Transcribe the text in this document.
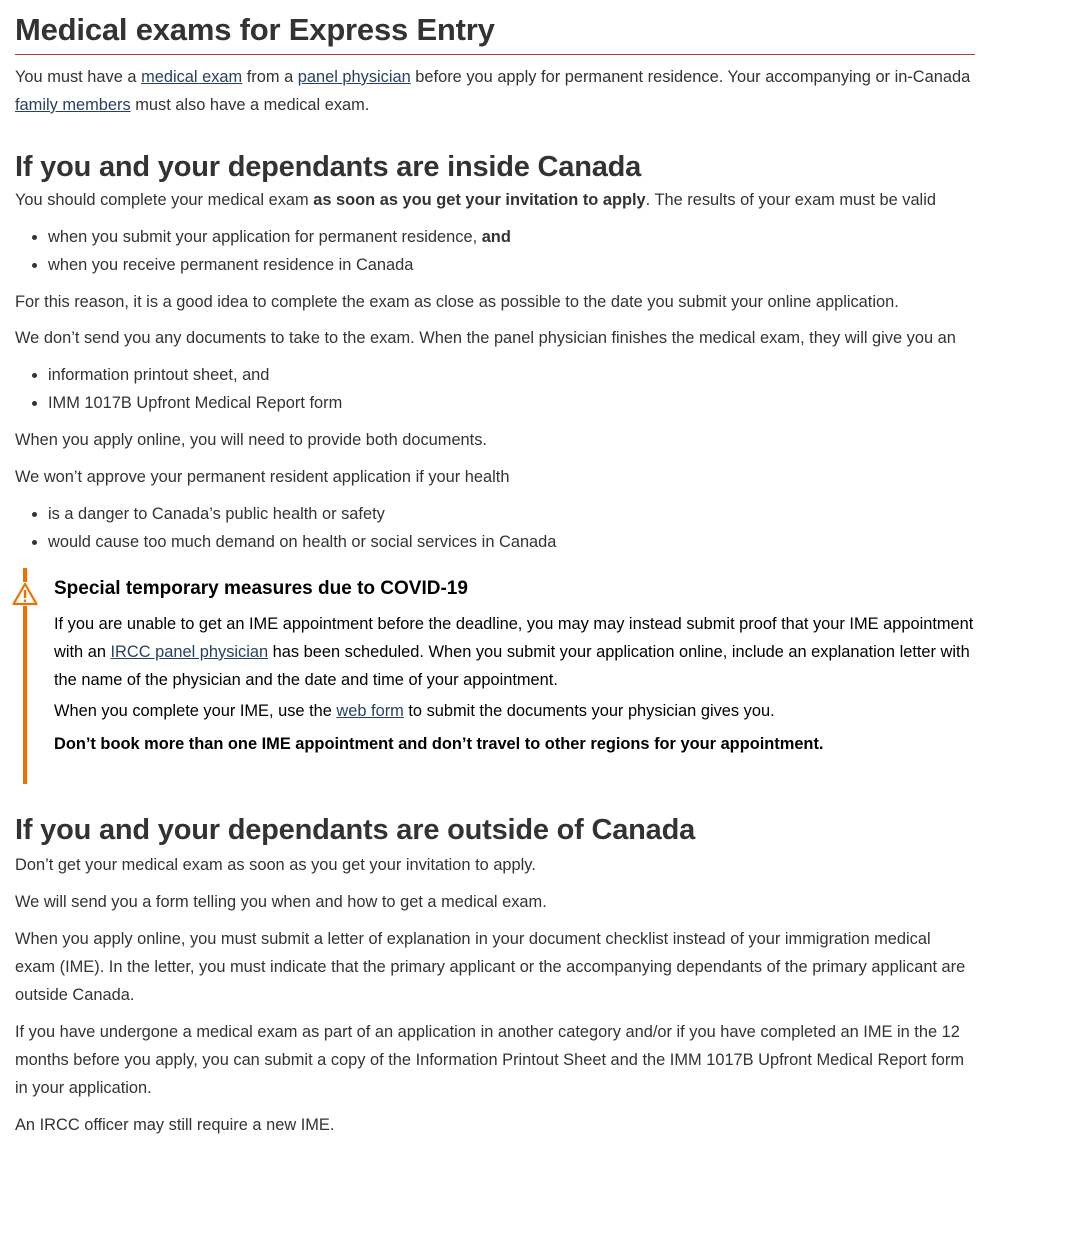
Medical exams for Express Entry

You must have a medical exam from a panel physician before you apply for permanent residence. Your accompanying or in-Canada family members must also have a medical exam.

If you and your dependants are inside Canada

You should complete your medical exam as soon as you get your invitation to apply. The results of your exam must be valid

• when you submit your application for permanent residence, and
• when you receive permanent residence in Canada

For this reason, it is a good idea to complete the exam as close as possible to the date you submit your online application.

We don’t send you any documents to take to the exam. When the panel physician finishes the medical exam, they will give you an

• information printout sheet, and
• IMM 1017B Upfront Medical Report form

When you apply online, you will need to provide both documents.

We won’t approve your permanent resident application if your health

• is a danger to Canada’s public health or safety
• would cause too much demand on health or social services in Canada
Special temporary measures due to COVID-19

If you are unable to get an IME appointment before the deadline, you may may instead submit proof that your IME appointment with an IRCC panel physician has been scheduled. When you submit your application online, include an explanation letter with the name of the physician and the date and time of your appointment.

When you complete your IME, use the web form to submit the documents your physician gives you.

Don’t book more than one IME appointment and don’t travel to other regions for your appointment.

If you and your dependants are outside of Canada

Don’t get your medical exam as soon as you get your invitation to apply.

We will send you a form telling you when and how to get a medical exam.

When you apply online, you must submit a letter of explanation in your document checklist instead of your immigration medical exam (IME). In the letter, you must indicate that the primary applicant or the accompanying dependants of the primary applicant are outside Canada.

If you have undergone a medical exam as part of an application in another category and/or if you have completed an IME in the 12 months before you apply, you can submit a copy of the Information Printout Sheet and the IMM 1017B Upfront Medical Report form in your application.

An IRCC officer may still require a new IME.
